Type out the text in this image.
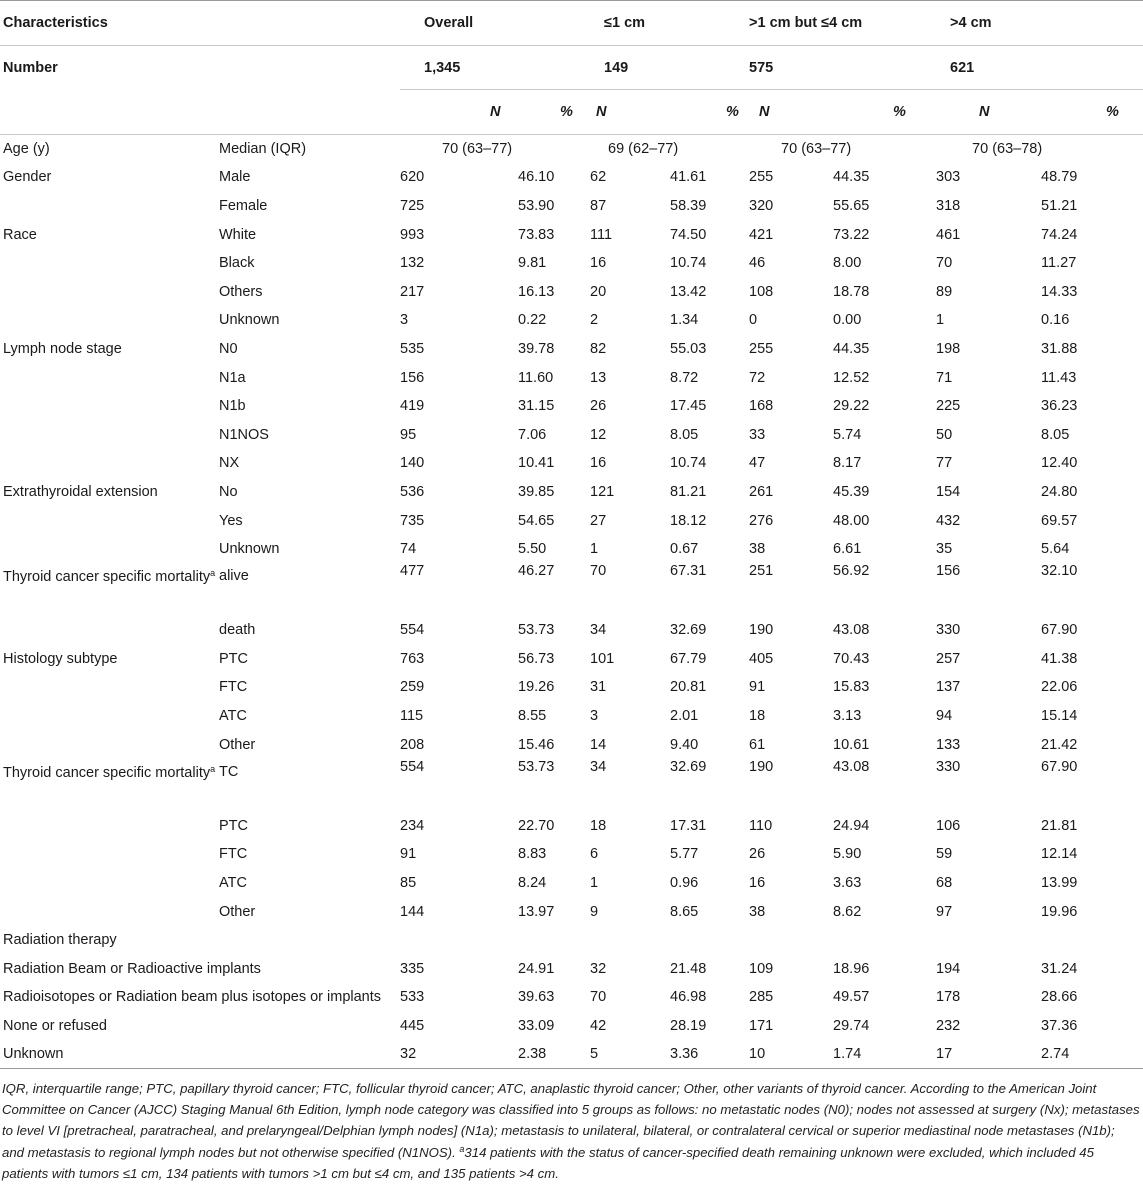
Characteristics		Overall		≤1 cm		>1 cm but ≤4 cm		>4 cm	
Number		1,345		149		575		621	
		N	%	N	%	N	%	N	%
Age (y)	Median (IQR)	70 (63–77)		69 (62–77)		70 (63–77)		70 (63–78)	
Gender	Male	620	46.10	62	41.61	255	44.35	303	48.79
	Female	725	53.90	87	58.39	320	55.65	318	51.21
Race	White	993	73.83	111	74.50	421	73.22	461	74.24
	Black	132	9.81	16	10.74	46	8.00	70	11.27
	Others	217	16.13	20	13.42	108	18.78	89	14.33
	Unknown	3	0.22	2	1.34	0	0.00	1	0.16
Lymph node stage	N0	535	39.78	82	55.03	255	44.35	198	31.88
	N1a	156	11.60	13	8.72	72	12.52	71	11.43
	N1b	419	31.15	26	17.45	168	29.22	225	36.23
	N1NOS	95	7.06	12	8.05	33	5.74	50	8.05
	NX	140	10.41	16	10.74	47	8.17	77	12.40
Extrathyroidal extension	No	536	39.85	121	81.21	261	45.39	154	24.80
	Yes	735	54.65	27	18.12	276	48.00	432	69.57
	Unknown	74	5.50	1	0.67	38	6.61	35	5.64
Thyroid cancer specific mortality$^a$	alive	477	46.27	70	67.31	251	56.92	156	32.10
	death	554	53.73	34	32.69	190	43.08	330	67.90
Histology subtype	PTC	763	56.73	101	67.79	405	70.43	257	41.38
	FTC	259	19.26	31	20.81	91	15.83	137	22.06
	ATC	115	8.55	3	2.01	18	3.13	94	15.14
	Other	208	15.46	14	9.40	61	10.61	133	21.42
Thyroid cancer specific mortality$^a$	TC	554	53.73	34	32.69	190	43.08	330	67.90
	PTC	234	22.70	18	17.31	110	24.94	106	21.81
	FTC	91	8.83	6	5.77	26	5.90	59	12.14
	ATC	85	8.24	1	0.96	16	3.63	68	13.99
	Other	144	13.97	9	8.65	38	8.62	97	19.96
Radiation therapy									
Radiation Beam or Radioactive implants		335	24.91	32	21.48	109	18.96	194	31.24
Radioisotopes or Radiation beam plus isotopes or implants		533	39.63	70	46.98	285	49.57	178	28.66
None or refused		445	33.09	42	28.19	171	29.74	232	37.36
Unknown		32	2.38	5	3.36	10	1.74	17	2.74
IQR, interquartile range; PTC, papillary thyroid cancer; FTC, follicular thyroid cancer; ATC, anaplastic thyroid cancer; Other, other variants of thyroid cancer. According to the American Joint Committee on Cancer (AJCC) Staging Manual 6th Edition, lymph node category was classified into 5 groups as follows: no metastatic nodes (N0); nodes not assessed at surgery (Nx); metastases to level VI [pretracheal, paratracheal, and prelaryngeal/Delphian lymph nodes] (N1a); metastasis to unilateral, bilateral, or contralateral cervical or superior mediastinal node metastases (N1b); and metastasis to regional lymph nodes but not otherwise specified (N1NOS). $^a$314 patients with the status of cancer-specified death remaining unknown were excluded, which included 45 patients with tumors ≤1 cm, 134 patients with tumors >1 cm but ≤4 cm, and 135 patients >4 cm.
